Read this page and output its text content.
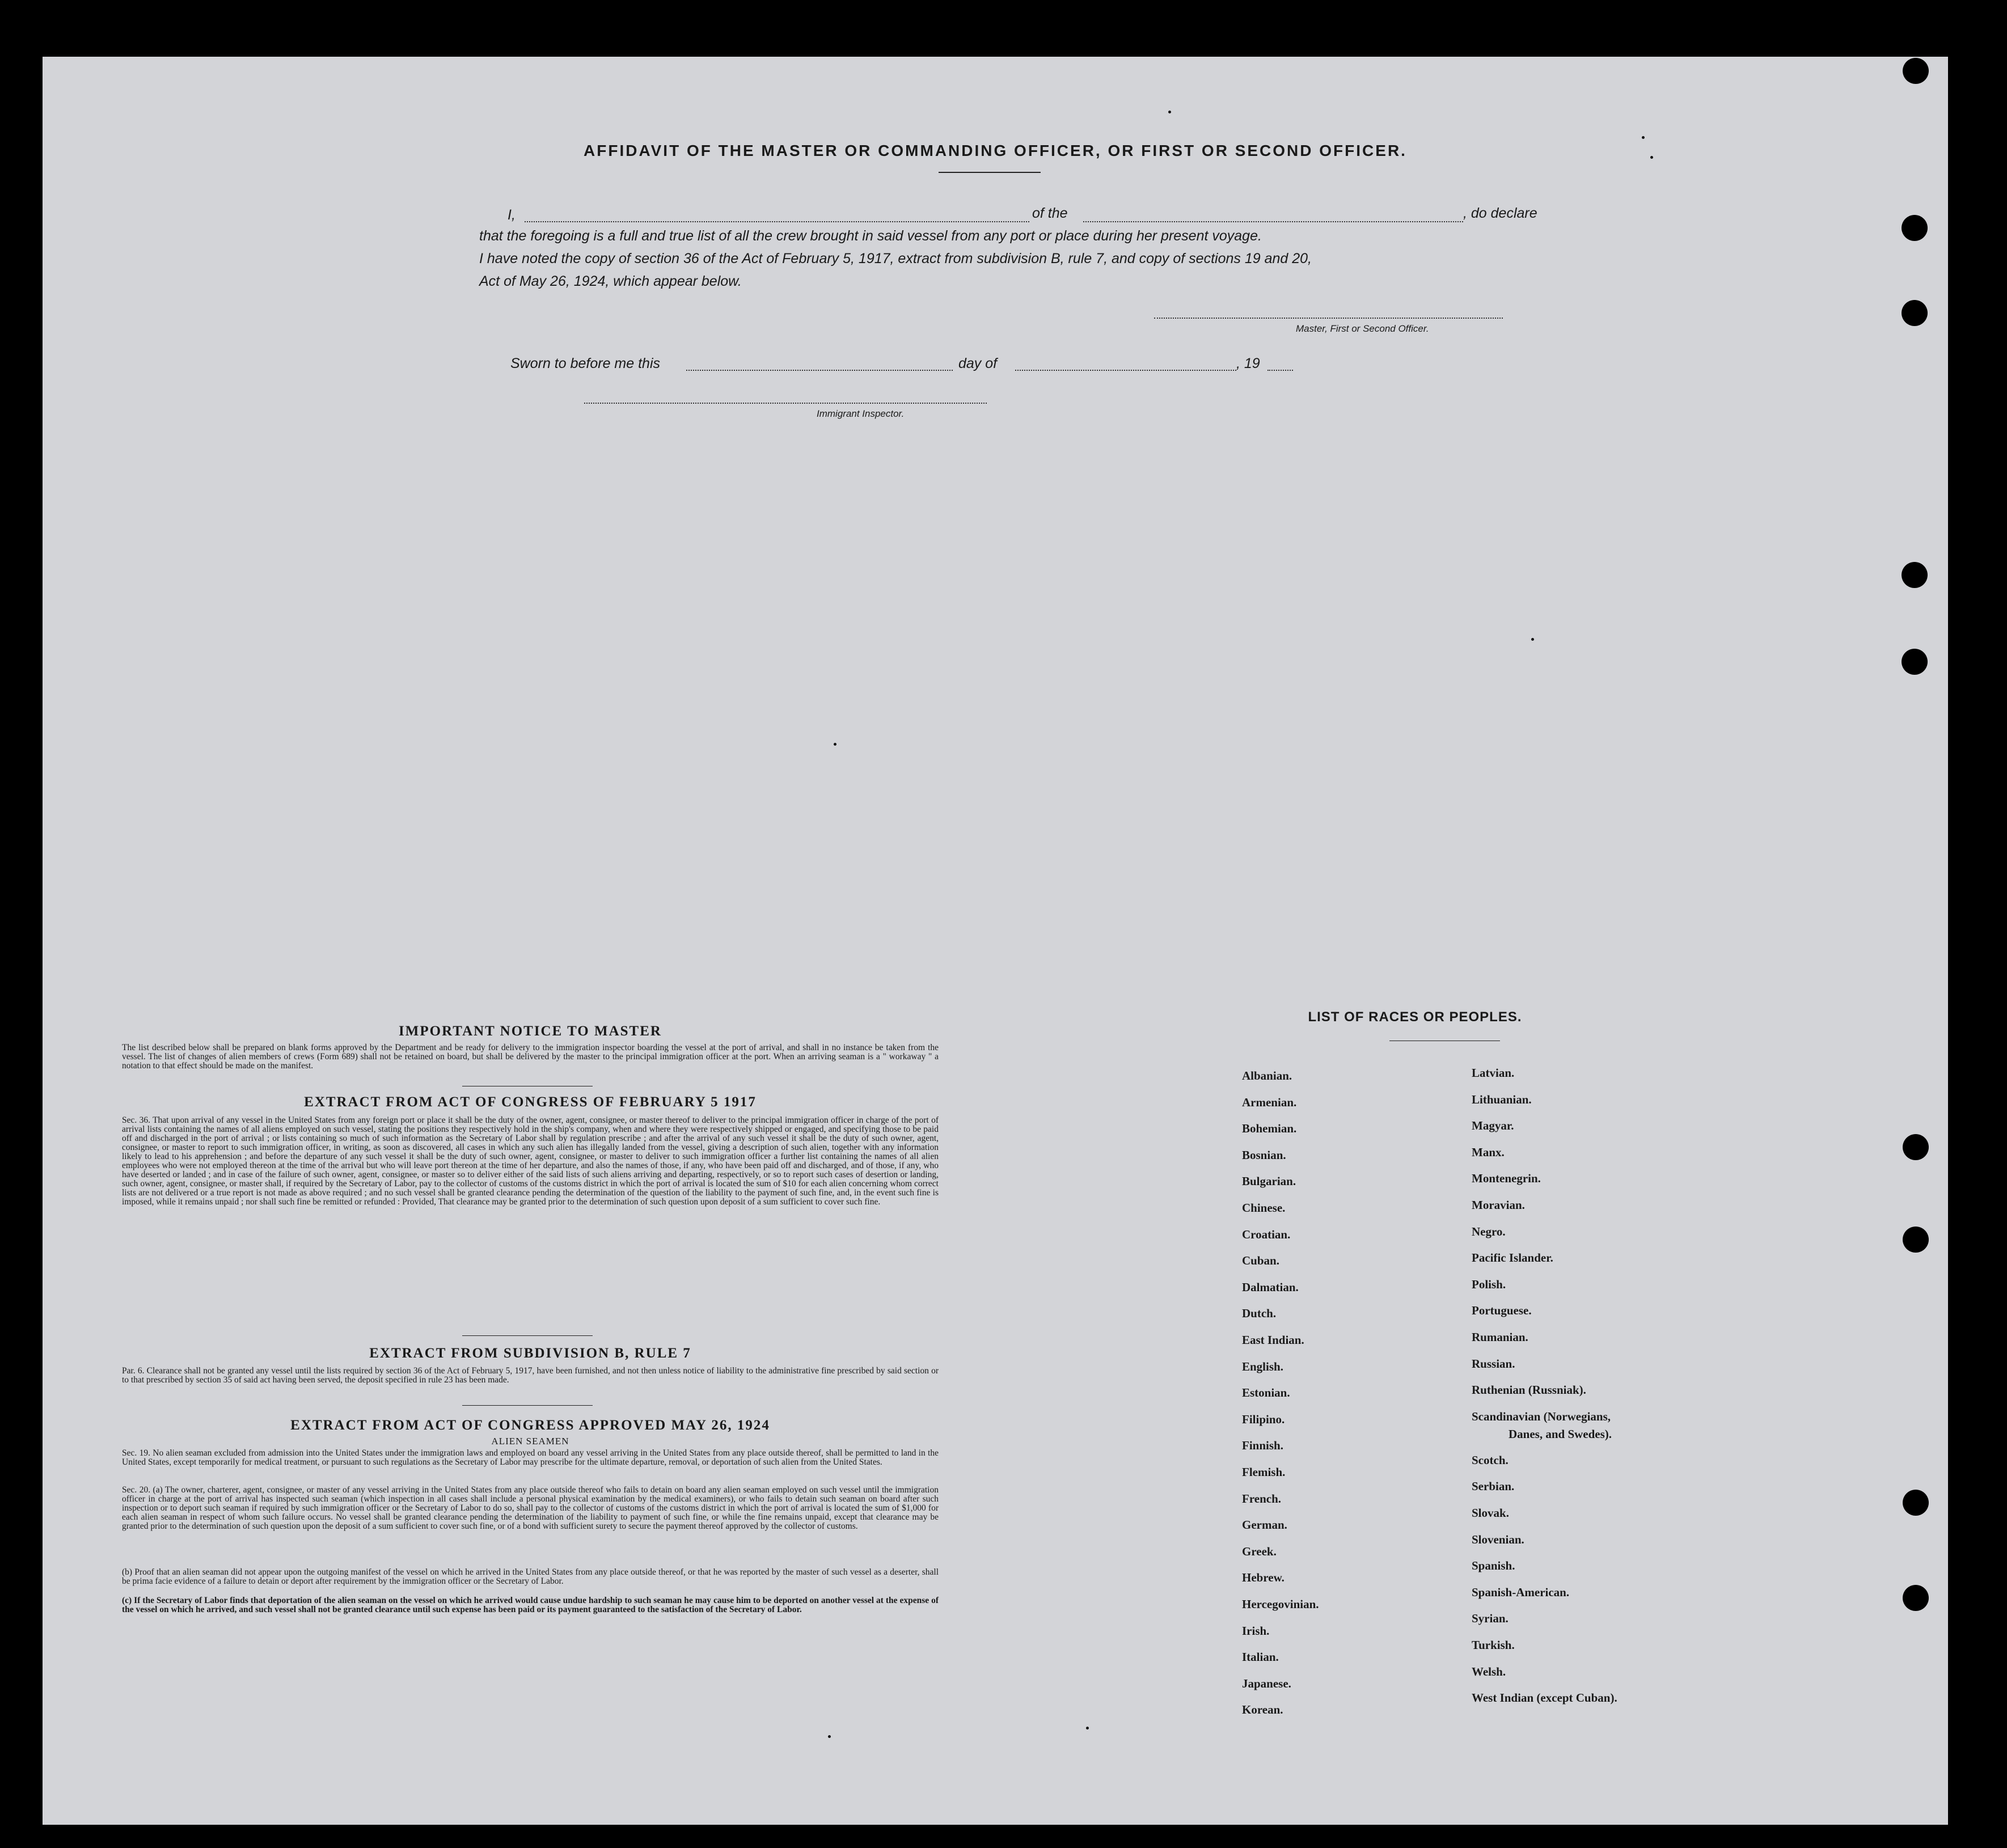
AFFIDAVIT OF THE MASTER OR COMMANDING OFFICER, OR FIRST OR SECOND OFFICER.
I,	of the	, do declare
that the foregoing is a full and true list of all the crew brought in said vessel from any port or place during her present voyage.
I have noted the copy of section 36 of the Act of February 5, 1917, extract from subdivision B, rule 7, and copy of sections 19 and 20,
Act of May 26, 1924, which appear below.
Master, First or Second Officer.
Sworn to before me this	day of	, 19
Immigrant Inspector.
IMPORTANT NOTICE TO MASTER
The list described below shall be prepared on blank forms approved by the Department and be ready for delivery to the immigration inspector boarding the vessel at the port of arrival, and shall in no instance be taken from the vessel. The list of changes of alien members of crews (Form 689) shall not be retained on board, but shall be delivered by the master to the principal immigration officer at the port. When an arriving seaman is a " workaway " a notation to that effect should be made on the manifest.
EXTRACT FROM ACT OF CONGRESS OF FEBRUARY 5 1917
Sec. 36. That upon arrival of any vessel in the United States from any foreign port or place it shall be the duty of the owner, agent, consignee, or master thereof to deliver to the principal immigration officer in charge of the port of arrival lists containing the names of all aliens employed on such vessel, stating the positions they respectively hold in the ship's company, when and where they were respectively shipped or engaged, and specifying those to be paid off and discharged in the port of arrival ; or lists containing so much of such information as the Secretary of Labor shall by regulation prescribe ; and after the arrival of any such vessel it shall be the duty of such owner, agent, consignee, or master to report to such immigration officer, in writing, as soon as discovered, all cases in which any such alien has illegally landed from the vessel, giving a description of such alien, together with any information likely to lead to his apprehension ; and before the departure of any such vessel it shall be the duty of such owner, agent, consignee, or master to deliver to such immigration officer a further list containing the names of all alien employees who were not employed thereon at the time of the arrival but who will leave port thereon at the time of her departure, and also the names of those, if any, who have been paid off and discharged, and of those, if any, who have deserted or landed ; and in case of the failure of such owner, agent, consignee, or master so to deliver either of the said lists of such aliens arriving and departing, respectively, or so to report such cases of desertion or landing, such owner, agent, consignee, or master shall, if required by the Secretary of Labor, pay to the collector of customs of the customs district in which the port of arrival is located the sum of $10 for each alien concerning whom correct lists are not delivered or a true report is not made as above required ; and no such vessel shall be granted clearance pending the determination of the question of the liability to the payment of such fine, and, in the event such fine is imposed, while it remains unpaid ; nor shall such fine be remitted or refunded : Provided, That clearance may be granted prior to the determination of such question upon deposit of a sum sufficient to cover such fine.
EXTRACT FROM SUBDIVISION B, RULE 7
Par. 6. Clearance shall not be granted any vessel until the lists required by section 36 of the Act of February 5, 1917, have been furnished, and not then unless notice of liability to the administrative fine prescribed by said section or to that prescribed by section 35 of said act having been served, the deposit specified in rule 23 has been made.
EXTRACT FROM ACT OF CONGRESS APPROVED MAY 26, 1924
ALIEN SEAMEN
Sec. 19. No alien seaman excluded from admission into the United States under the immigration laws and employed on board any vessel arriving in the United States from any place outside thereof, shall be permitted to land in the United States, except temporarily for medical treatment, or pursuant to such regulations as the Secretary of Labor may prescribe for the ultimate departure, removal, or deportation of such alien from the United States.
Sec. 20. (a) The owner, charterer, agent, consignee, or master of any vessel arriving in the United States from any place outside thereof who fails to detain on board any alien seaman employed on such vessel until the immigration officer in charge at the port of arrival has inspected such seaman (which inspection in all cases shall include a personal physical examination by the medical examiners), or who fails to detain such seaman on board after such inspection or to deport such seaman if required by such immigration officer or the Secretary of Labor to do so, shall pay to the collector of customs of the customs district in which the port of arrival is located the sum of $1,000 for each alien seaman in respect of whom such failure occurs. No vessel shall be granted clearance pending the determination of the liability to payment of such fine, or while the fine remains unpaid, except that clearance may be granted prior to the determination of such question upon the deposit of a sum sufficient to cover such fine, or of a bond with sufficient surety to secure the payment thereof approved by the collector of customs.
(b) Proof that an alien seaman did not appear upon the outgoing manifest of the vessel on which he arrived in the United States from any place outside thereof, or that he was reported by the master of such vessel as a deserter, shall be prima facie evidence of a failure to detain or deport after requirement by the immigration officer or the Secretary of Labor.
(c) If the Secretary of Labor finds that deportation of the alien seaman on the vessel on which he arrived would cause undue hardship to such seaman he may cause him to be deported on another vessel at the expense of the vessel on which he arrived, and such vessel shall not be granted clearance until such expense has been paid or its payment guaranteed to the satisfaction of the Secretary of Labor.
LIST OF RACES OR PEOPLES.
Albanian.
Armenian.
Bohemian.
Bosnian.
Bulgarian.
Chinese.
Croatian.
Cuban.
Dalmatian.
Dutch.
East Indian.
English.
Estonian.
Filipino.
Finnish.
Flemish.
French.
German.
Greek.
Hebrew.
Hercegovinian.
Irish.
Italian.
Japanese.
Korean.
Latvian.
Lithuanian.
Magyar.
Manx.
Montenegrin.
Moravian.
Negro.
Pacific Islander.
Polish.
Portuguese.
Rumanian.
Russian.
Ruthenian (Russniak).
Scandinavian (Norwegians,
Danes, and Swedes).
Scotch.
Serbian.
Slovak.
Slovenian.
Spanish.
Spanish-American.
Syrian.
Turkish.
Welsh.
West Indian (except Cuban).
